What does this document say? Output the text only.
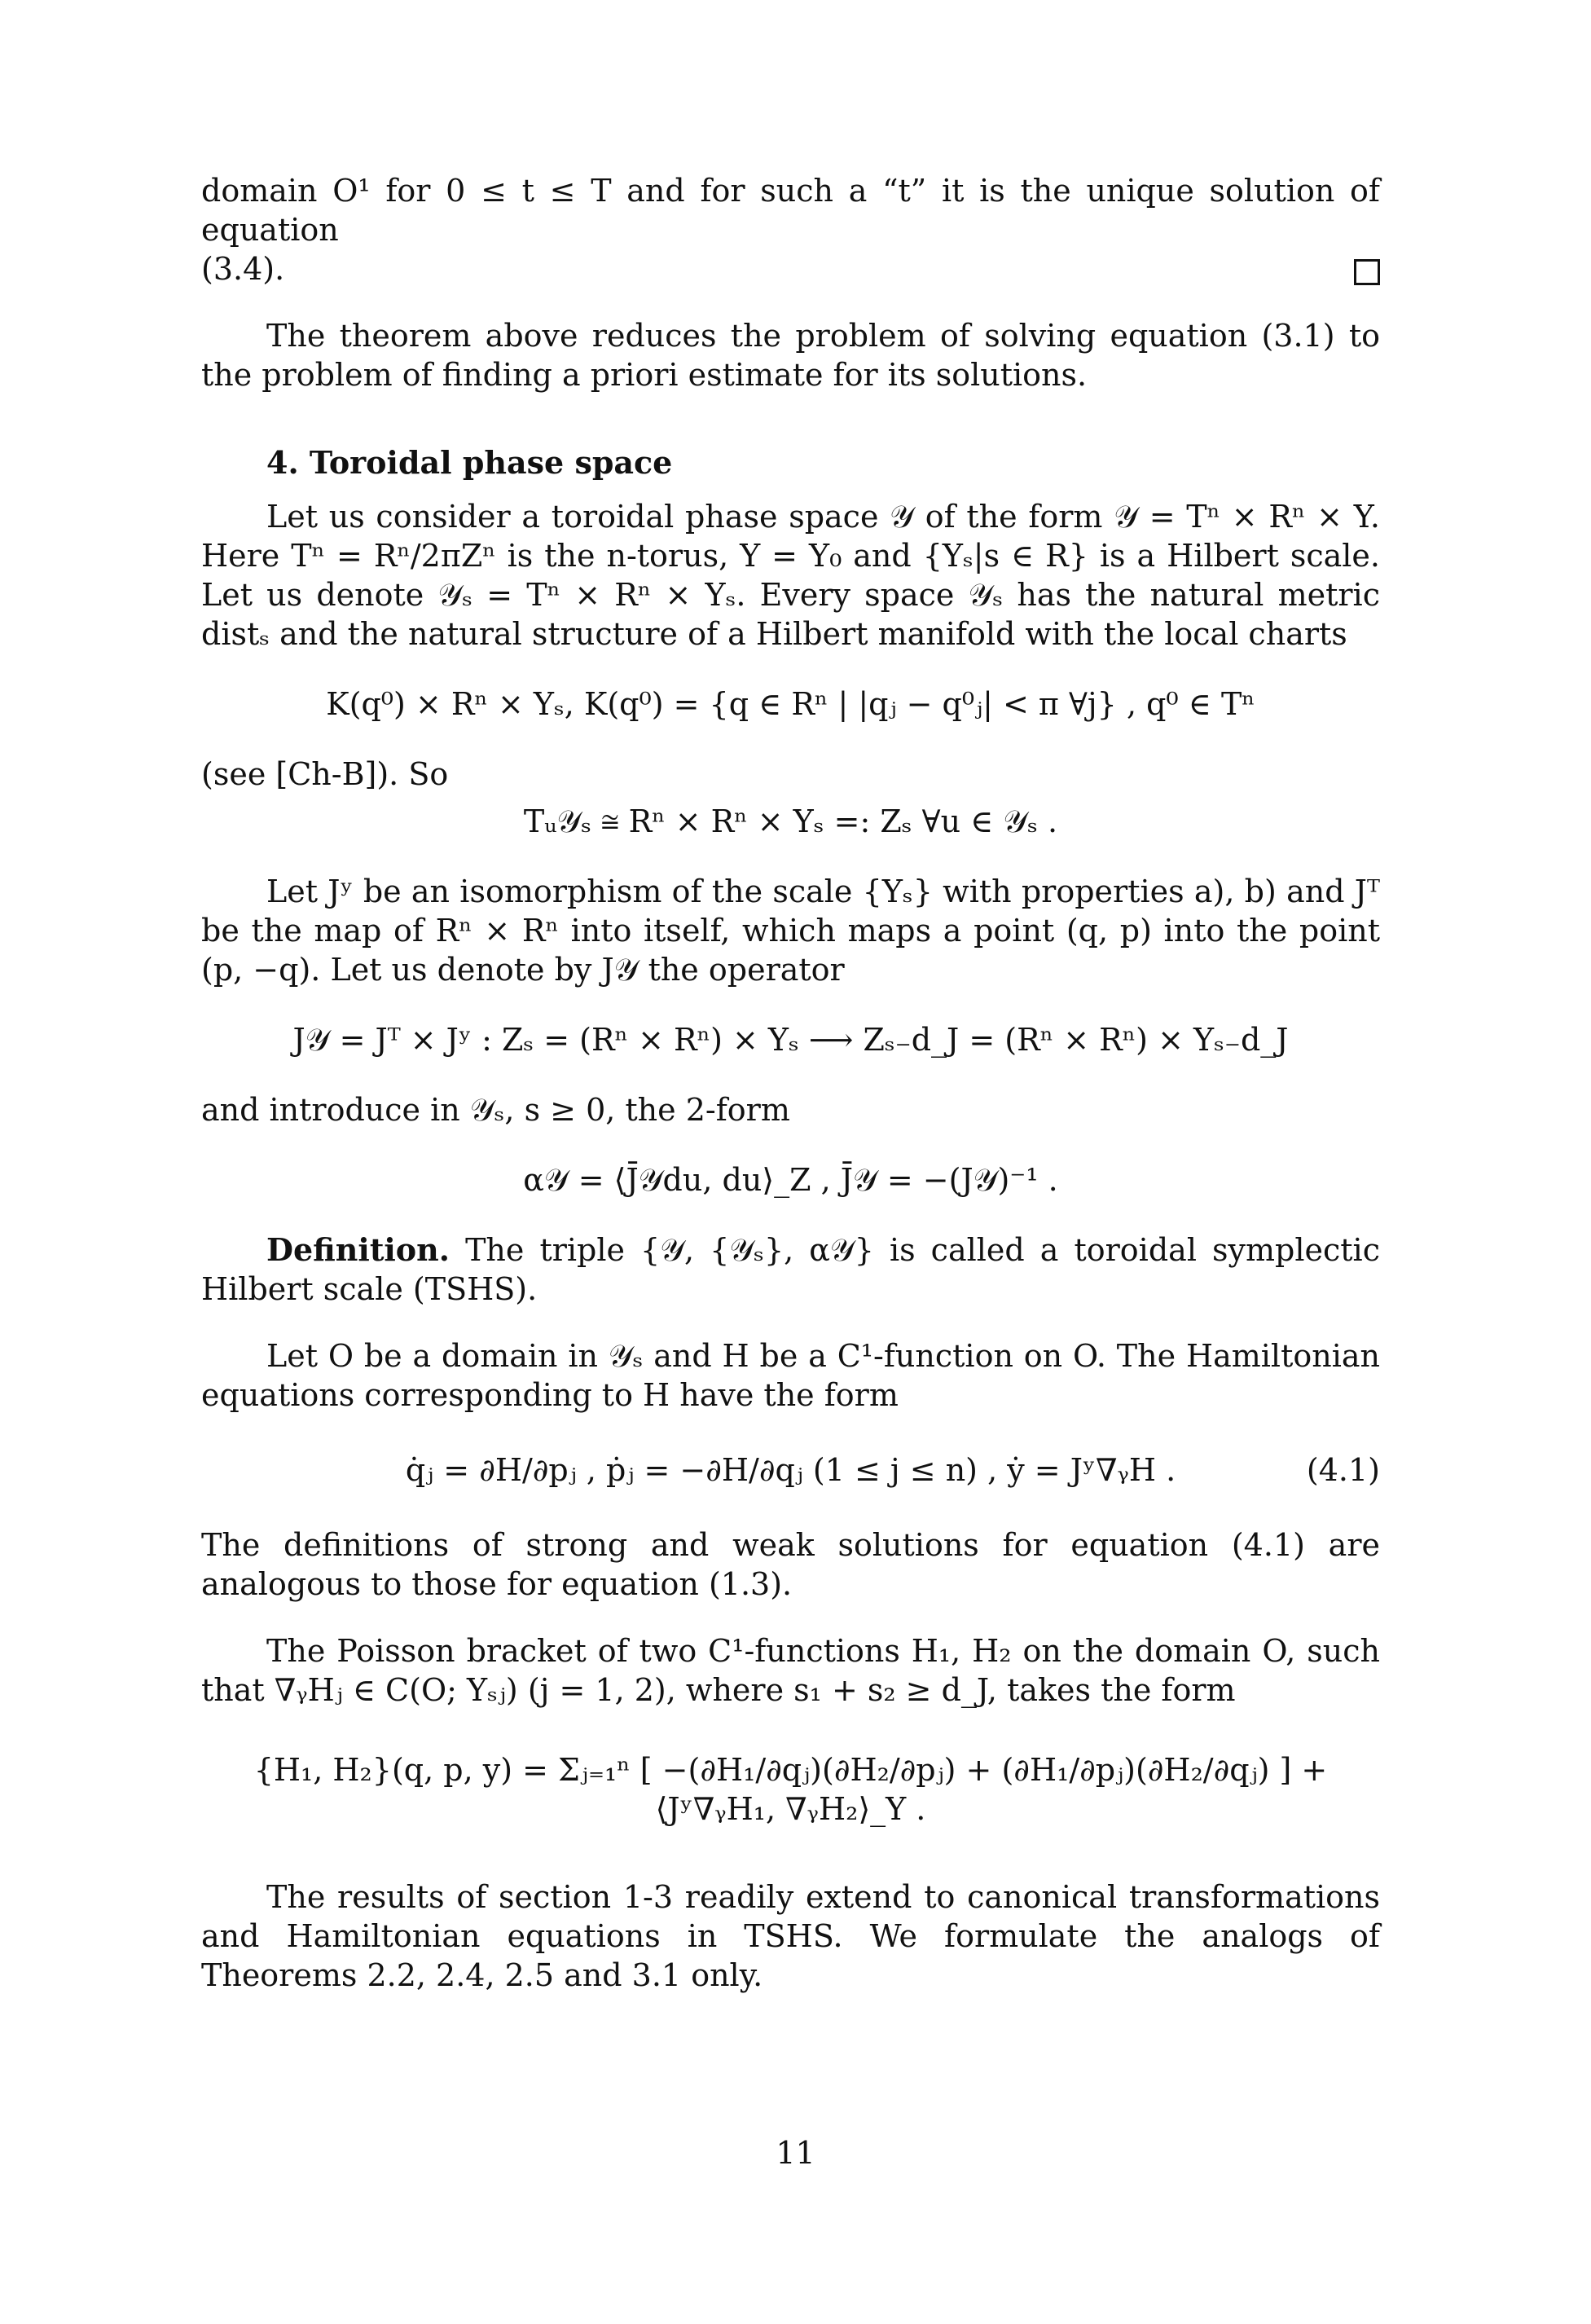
domain O¹ for 0 ≤ t ≤ T and for such a “t” it is the unique solution of equation

(3.4).

The theorem above reduces the problem of solving equation (3.1) to the problem of finding a priori estimate for its solutions.

4. Toroidal phase space

Let us consider a toroidal phase space 𝒴 of the form 𝒴 = Tⁿ × Rⁿ × Y. Here Tⁿ = Rⁿ/2πZⁿ is the n-torus, Y = Y₀ and {Yₛ|s ∈ R} is a Hilbert scale. Let us denote 𝒴ₛ = Tⁿ × Rⁿ × Yₛ. Every space 𝒴ₛ has the natural metric distₛ and the natural structure of a Hilbert manifold with the local charts

K(q⁰) × Rⁿ × Yₛ, K(q⁰) = {q ∈ Rⁿ | |qⱼ − q⁰ⱼ| < π ∀j} , q⁰ ∈ Tⁿ

(see [Ch-B]). So

Tᵤ𝒴ₛ ≅ Rⁿ × Rⁿ × Yₛ =: Zₛ ∀u ∈ 𝒴ₛ .

Let Jʸ be an isomorphism of the scale {Yₛ} with properties a), b) and Jᵀ be the map of Rⁿ × Rⁿ into itself, which maps a point (q, p) into the point (p, −q). Let us denote by J𝒴 the operator

J𝒴 = Jᵀ × Jʸ : Zₛ = (Rⁿ × Rⁿ) × Yₛ ⟶ Zₛ₋d_J = (Rⁿ × Rⁿ) × Yₛ₋d_J

and introduce in 𝒴ₛ, s ≥ 0, the 2-form

α𝒴 = ⟨J̄𝒴du, du⟩_Z , J̄𝒴 = −(J𝒴)⁻¹ .

Definition. The triple {𝒴, {𝒴ₛ}, α𝒴} is called a toroidal symplectic Hilbert scale (TSHS).

Let O be a domain in 𝒴ₛ and H be a C¹-function on O. The Hamiltonian equations corresponding to H have the form

q̇ⱼ = ∂H/∂pⱼ , ṗⱼ = −∂H/∂qⱼ (1 ≤ j ≤ n) , ẏ = Jʸ∇ᵧH .	(4.1)

The definitions of strong and weak solutions for equation (4.1) are analogous to those for equation (1.3).

The Poisson bracket of two C¹-functions H₁, H₂ on the domain O, such that ∇ᵧHⱼ ∈ C(O; Yₛⱼ) (j = 1, 2), where s₁ + s₂ ≥ d_J, takes the form

{H₁, H₂}(q, p, y) = Σⱼ₌₁ⁿ [ −(∂H₁/∂qⱼ)(∂H₂/∂pⱼ) + (∂H₁/∂pⱼ)(∂H₂/∂qⱼ) ] + ⟨Jʸ∇ᵧH₁, ∇ᵧH₂⟩_Y .

The results of section 1-3 readily extend to canonical transformations and Hamiltonian equations in TSHS. We formulate the analogs of Theorems 2.2, 2.4, 2.5 and 3.1 only.

11
